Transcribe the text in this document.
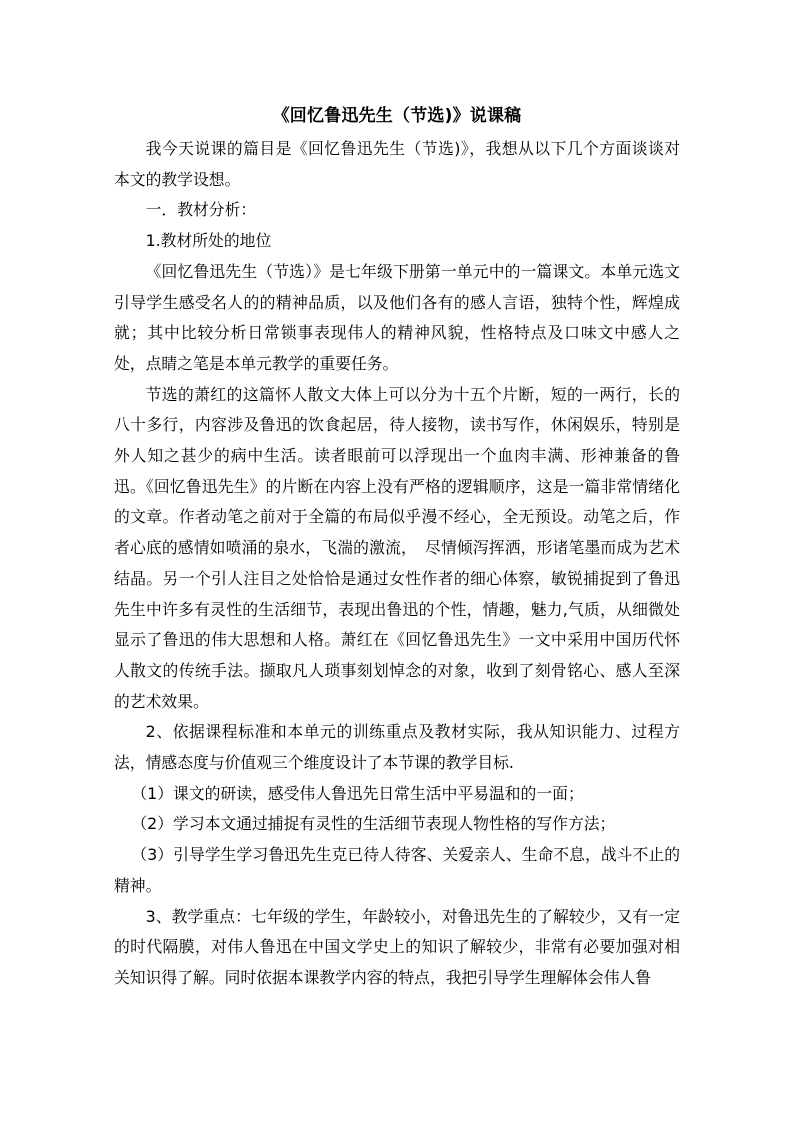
《回忆鲁迅先生（节选)》说课稿

我今天说课的篇目是《回忆鲁迅先生（节选)》，我想从以下几个方面谈谈对本文的教学设想。

一．教材分析：

1.教材所处的地位

《回忆鲁迅先生（节选）》是七年级下册第一单元中的一篇课文。本单元选文引导学生感受名人的的精神品质，以及他们各有的感人言语，独特个性，辉煌成就；其中比较分析日常锁事表现伟人的精神风貌，性格特点及口味文中感人之处，点睛之笔是本单元教学的重要任务。

节选的萧红的这篇怀人散文大体上可以分为十五个片断，短的一两行，长的八十多行，内容涉及鲁迅的饮食起居，待人接物，读书写作，休闲娱乐，特别是外人知之甚少的病中生活。读者眼前可以浮现出一个血肉丰满、形神兼备的鲁迅。《回忆鲁迅先生》的片断在内容上没有严格的逻辑顺序，这是一篇非常情绪化的文章。作者动笔之前对于全篇的布局似乎漫不经心，全无预设。动笔之后，作者心底的感情如喷涌的泉水，飞湍的激流，　尽情倾泻挥洒，形诸笔墨而成为艺术结晶。另一个引人注目之处恰恰是通过女性作者的细心体察，敏锐捕捉到了鲁迅先生中许多有灵性的生活细节，表现出鲁迅的个性，情趣，魅力,气质，从细微处显示了鲁迅的伟大思想和人格。萧红在《回忆鲁迅先生》一文中采用中国历代怀人散文的传统手法。撷取凡人琐事刻划悼念的对象，收到了刻骨铭心、感人至深的艺术效果。

2、依据课程标准和本单元的训练重点及教材实际，我从知识能力、过程方法，情感态度与价值观三个维度设计了本节课的教学目标.

（1）课文的研读，感受伟人鲁迅先日常生活中平易温和的一面；

（2）学习本文通过捕捉有灵性的生活细节表现人物性格的写作方法；

（3）引导学生学习鲁迅先生克已待人待客、关爱亲人、生命不息，战斗不止的精神。

3、教学重点：七年级的学生，年龄较小，对鲁迅先生的了解较少，又有一定的时代隔膜，对伟人鲁迅在中国文学史上的知识了解较少，非常有必要加强对相关知识得了解。同时依据本课教学内容的特点，我把引导学生理解体会伟人鲁
